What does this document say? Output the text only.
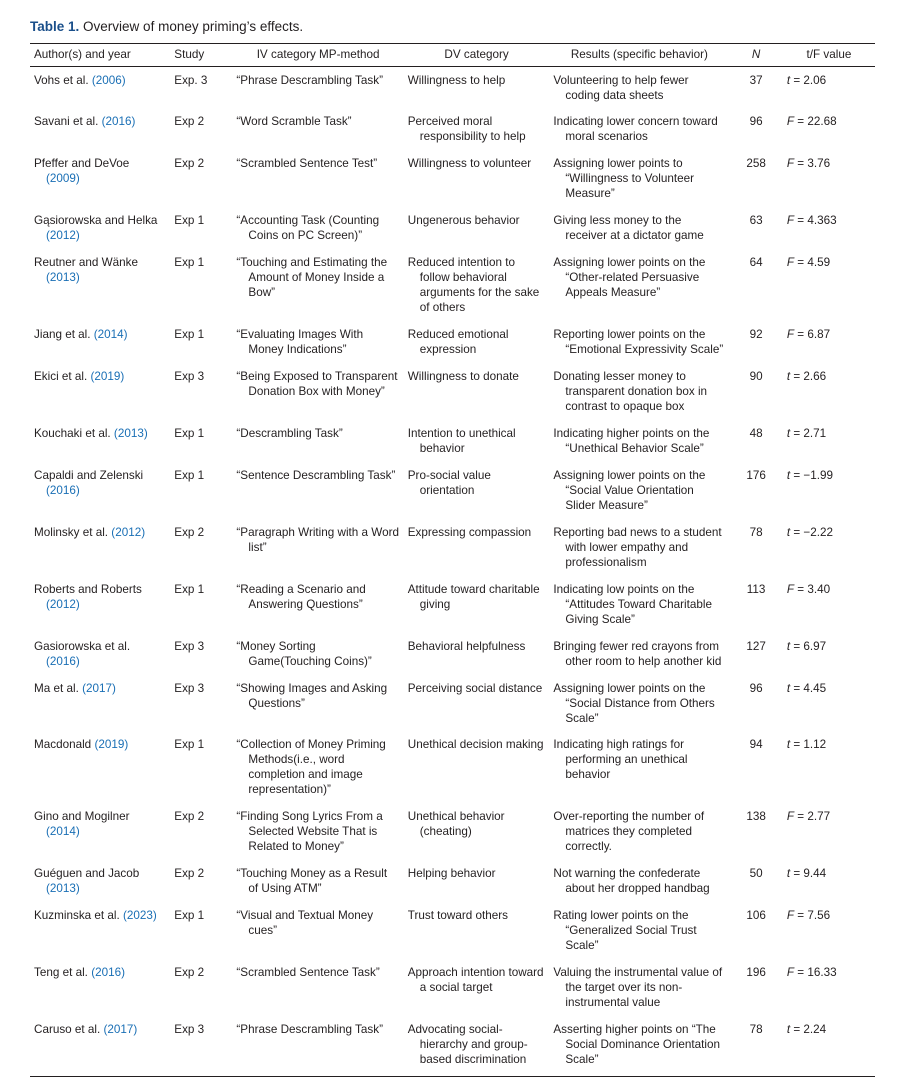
Table 1. Overview of money priming’s effects.
Author(s) and year	Study	IV category MP-method	DV category	Results (specific behavior)	N	t/F value

Vohs et al. (2006)	Exp. 3	“Phrase Descrambling Task”	Willingness to help	Volunteering to help fewer coding data sheets	37	t = 2.06

Savani et al. (2016)	Exp 2	“Word Scramble Task”	Perceived moral responsibility to help	Indicating lower concern toward moral scenarios	96	F = 22.68

Pfeffer and DeVoe (2009)	Exp 2	“Scrambled Sentence Test”	Willingness to volunteer	Assigning lower points to “Willingness to Volunteer Measure”	258	F = 3.76

Gąsiorowska and Helka (2012)	Exp 1	“Accounting Task (Counting Coins on PC Screen)”	Ungenerous behavior	Giving less money to the receiver at a dictator game	63	F = 4.363

Reutner and Wänke (2013)	Exp 1	“Touching and Estimating the Amount of Money Inside a Bow”	Reduced intention to follow behavioral arguments for the sake of others	Assigning lower points on the “Other-related Persuasive Appeals Measure”	64	F = 4.59

Jiang et al. (2014)	Exp 1	“Evaluating Images With Money Indications”	Reduced emotional expression	Reporting lower points on the “Emotional Expressivity Scale”	92	F = 6.87

Ekici et al. (2019)	Exp 3	“Being Exposed to Transparent Donation Box with Money”	Willingness to donate	Donating lesser money to transparent donation box in contrast to opaque box	90	t = 2.66

Kouchaki et al. (2013)	Exp 1	“Descrambling Task”	Intention to unethical behavior	Indicating higher points on the “Unethical Behavior Scale”	48	t = 2.71

Capaldi and Zelenski (2016)	Exp 1	“Sentence Descrambling Task”	Pro-social value orientation	Assigning lower points on the “Social Value Orientation Slider Measure”	176	t = −1.99

Molinsky et al. (2012)	Exp 2	“Paragraph Writing with a Word list”	Expressing compassion	Reporting bad news to a student with lower empathy and professionalism	78	t = −2.22

Roberts and Roberts (2012)	Exp 1	“Reading a Scenario and Answering Questions”	Attitude toward charitable giving	Indicating low points on the “Attitudes Toward Charitable Giving Scale”	113	F = 3.40

Gasiorowska et al. (2016)	Exp 3	“Money Sorting Game(Touching Coins)”	Behavioral helpfulness	Bringing fewer red crayons from other room to help another kid	127	t = 6.97

Ma et al. (2017)	Exp 3	“Showing Images and Asking Questions”	Perceiving social distance	Assigning lower points on the “Social Distance from Others Scale”	96	t = 4.45

Macdonald (2019)	Exp 1	“Collection of Money Priming Methods(i.e., word completion and image representation)”	Unethical decision making	Indicating high ratings for performing an unethical behavior	94	t = 1.12

Gino and Mogilner (2014)	Exp 2	“Finding Song Lyrics From a Selected Website That is Related to Money”	Unethical behavior (cheating)	Over-reporting the number of matrices they completed correctly.	138	F = 2.77

Guéguen and Jacob (2013)	Exp 2	“Touching Money as a Result of Using ATM”	Helping behavior	Not warning the confederate about her dropped handbag	50	t = 9.44

Kuzminska et al. (2023)	Exp 1	“Visual and Textual Money cues”	Trust toward others	Rating lower points on the “Generalized Social Trust Scale”	106	F = 7.56

Teng et al. (2016)	Exp 2	“Scrambled Sentence Task”	Approach intention toward a social target	Valuing the instrumental value of the target over its non-instrumental value	196	F = 16.33

Caruso et al. (2017)	Exp 3	“Phrase Descrambling Task”	Advocating social-hierarchy and group-based discrimination	Asserting higher points on “The Social Dominance Orientation Scale”	78	t = 2.24
